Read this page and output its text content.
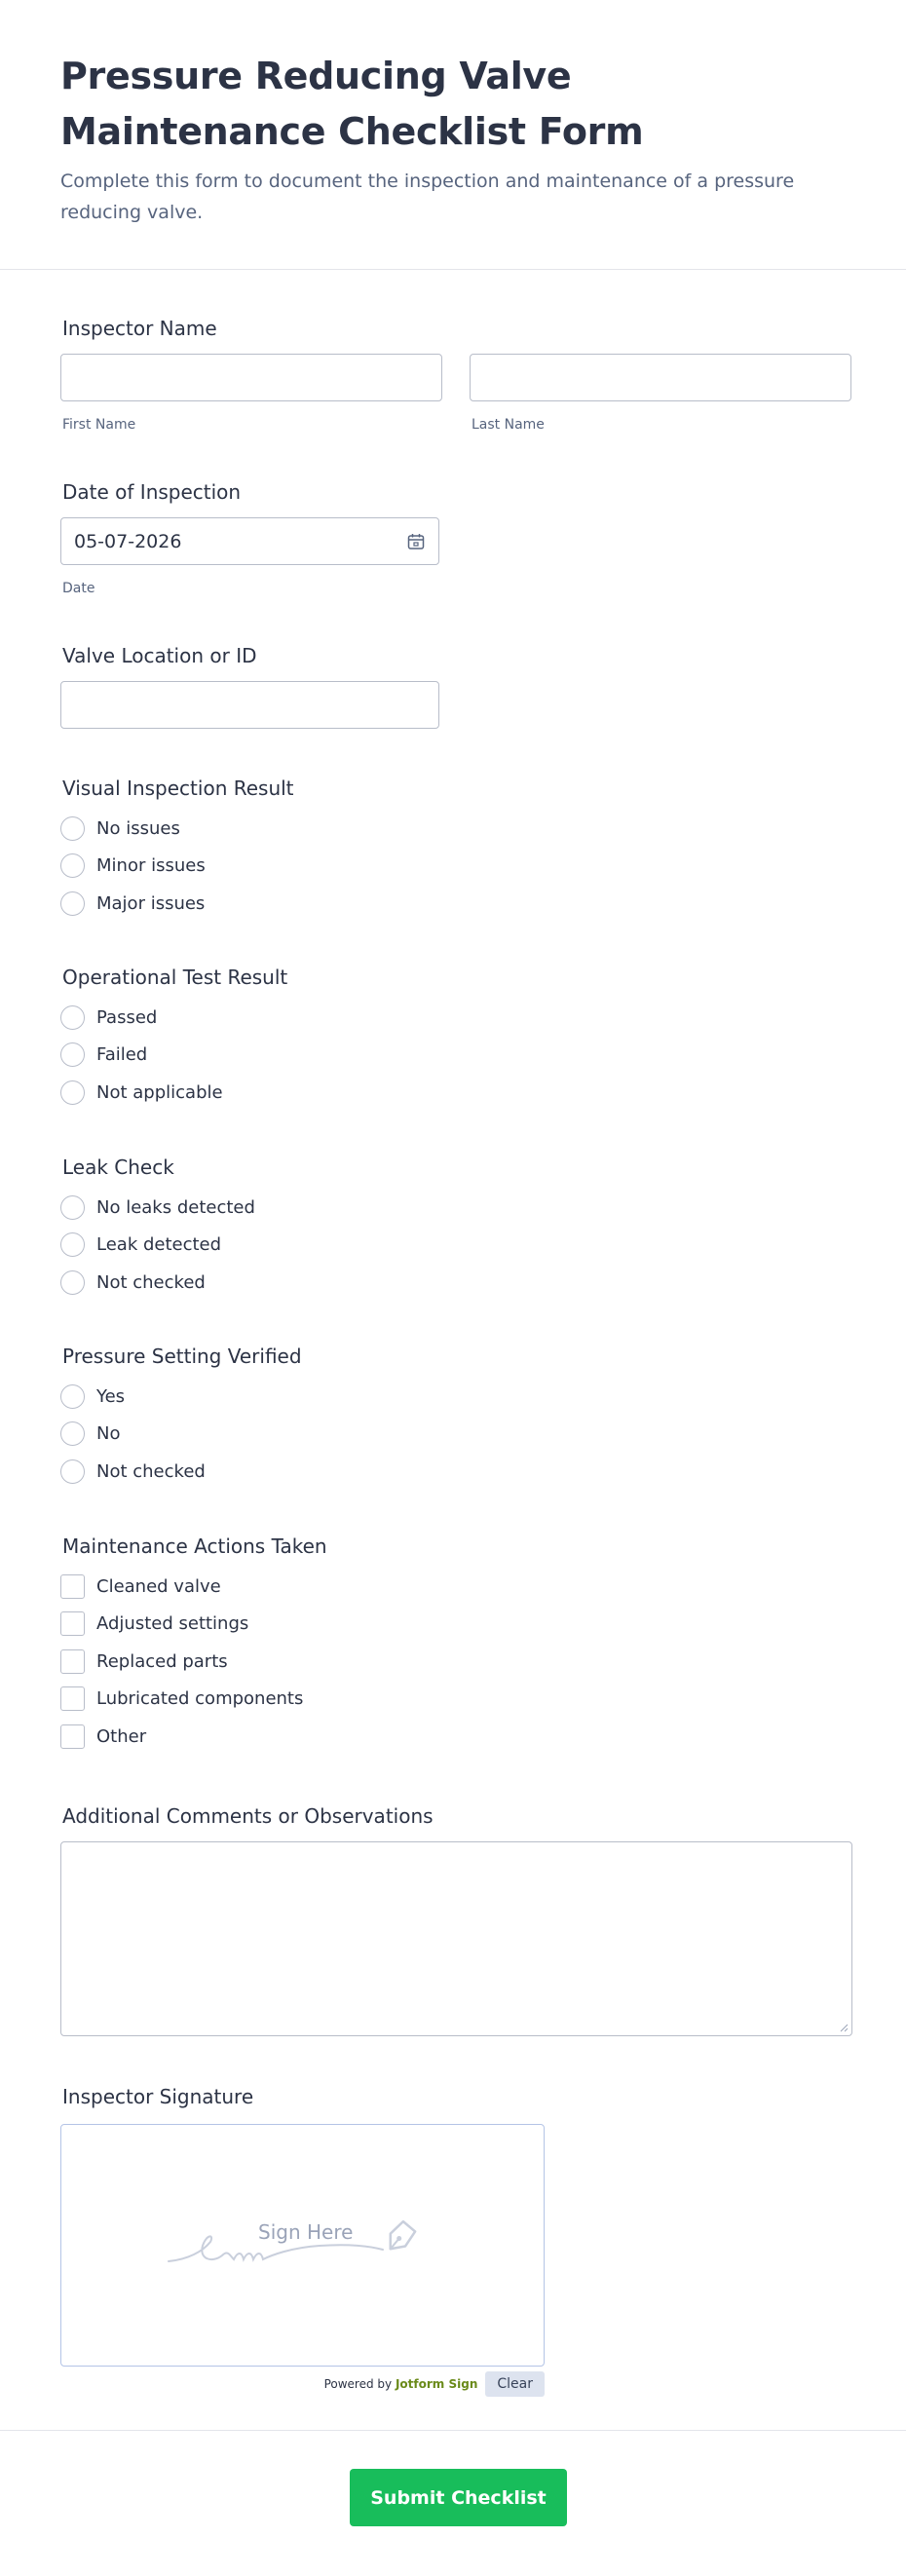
Pressure Reducing Valve Maintenance Checklist Form

Complete this form to document the inspection and maintenance of a pressure reducing valve.

Inspector Name
First Name	Last Name
Date of Inspection
05-07-2026
Date
Valve Location or ID
Visual Inspection Result
No issues
Minor issues
Major issues
Operational Test Result
Passed
Failed
Not applicable
Leak Check
No leaks detected
Leak detected
Not checked
Pressure Setting Verified
Yes
No
Not checked
Maintenance Actions Taken
Cleaned valve
Adjusted settings
Replaced parts
Lubricated components
Other
Additional Comments or Observations
Inspector Signature
Sign Here
Powered by Jotform Sign	Clear
Submit Checklist
